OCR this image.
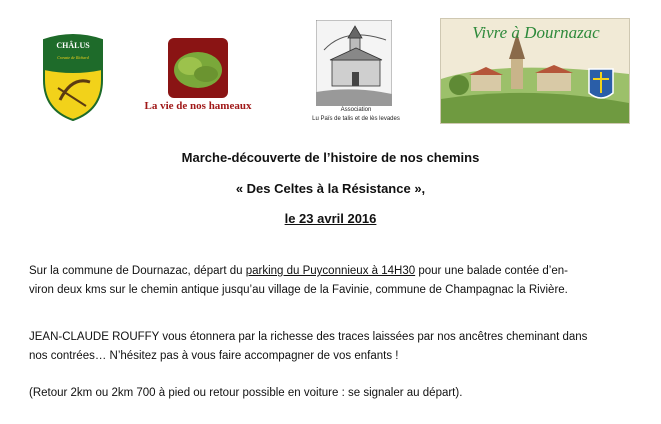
CHÂLUS
Cravate de Richard
La vie de nos hameaux	Association
Lu Païs de talis et de lès levades
Vivre à Dournazac
Marche-découverte de l’histoire de nos chemins
« Des Celtes à la Résistance »,
le 23 avril 2016
Sur la commune de Dournazac, départ du parking du Puyconnieux à 14H30 pour une balade contée d’en-
viron deux kms sur le chemin antique jusqu’au village de la Favinie, commune de Champagnac la Rivière.
JEAN-CLAUDE ROUFFY vous étonnera par la richesse des traces laissées par nos ancêtres cheminant dans
nos contrées… N’hésitez pas à vous faire accompagner de vos enfants !
(Retour 2km ou 2km 700 à pied ou retour possible en voiture : se signaler au départ).
